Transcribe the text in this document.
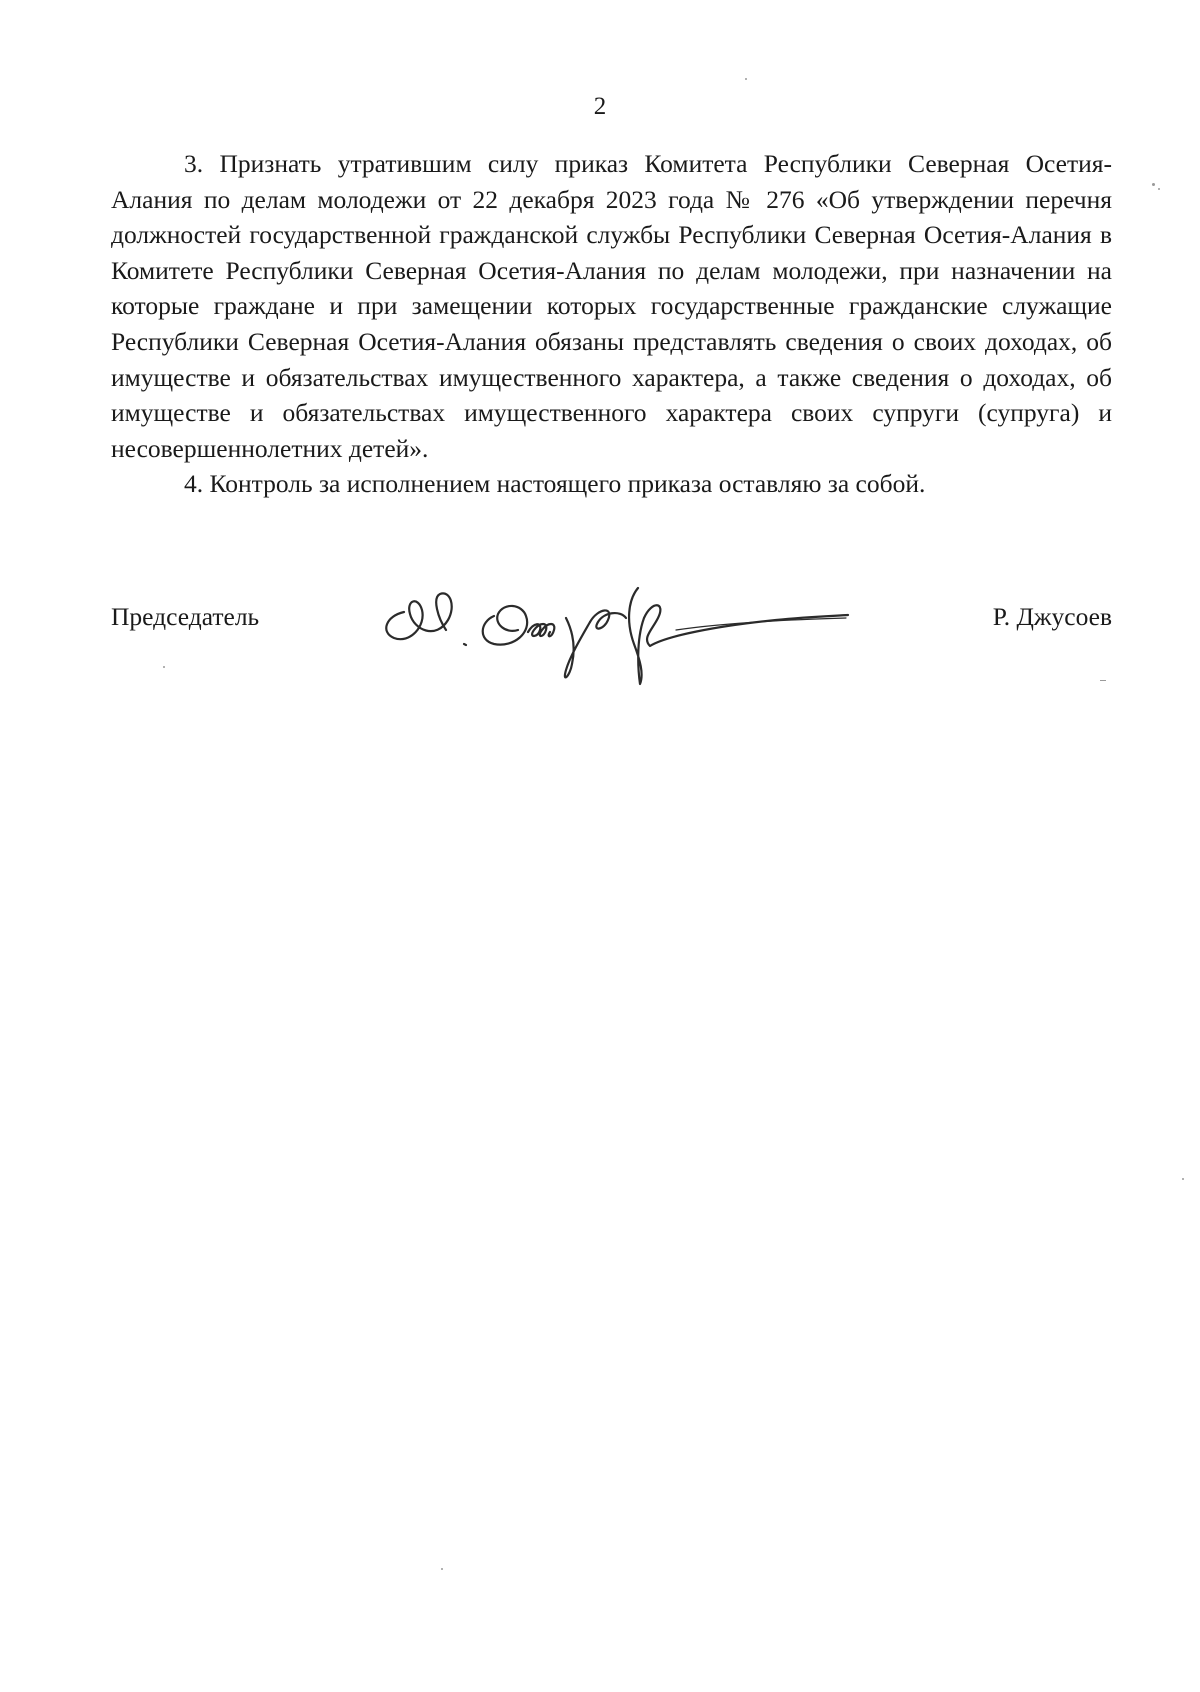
2

3. Признать утратившим силу приказ Комитета Республики Северная Осетия-Алания по делам молодежи от 22 декабря 2023 года № 276 «Об утверждении перечня должностей государственной гражданской службы Республики Северная Осетия-Алания в Комитете Республики Северная Осетия-Алания по делам молодежи, при назначении на которые граждане и при замещении которых государственные гражданские служащие Республики Северная Осетия-Алания обязаны представлять сведения о своих доходах, об имуществе и обязательствах имущественного характера, а также сведения о доходах, об имуществе и обязательствах имущественного характера своих супруги (супруга) и несовершеннолетних детей».

4. Контроль за исполнением настоящего приказа оставляю за собой.

Председатель	Р. Джусоев
